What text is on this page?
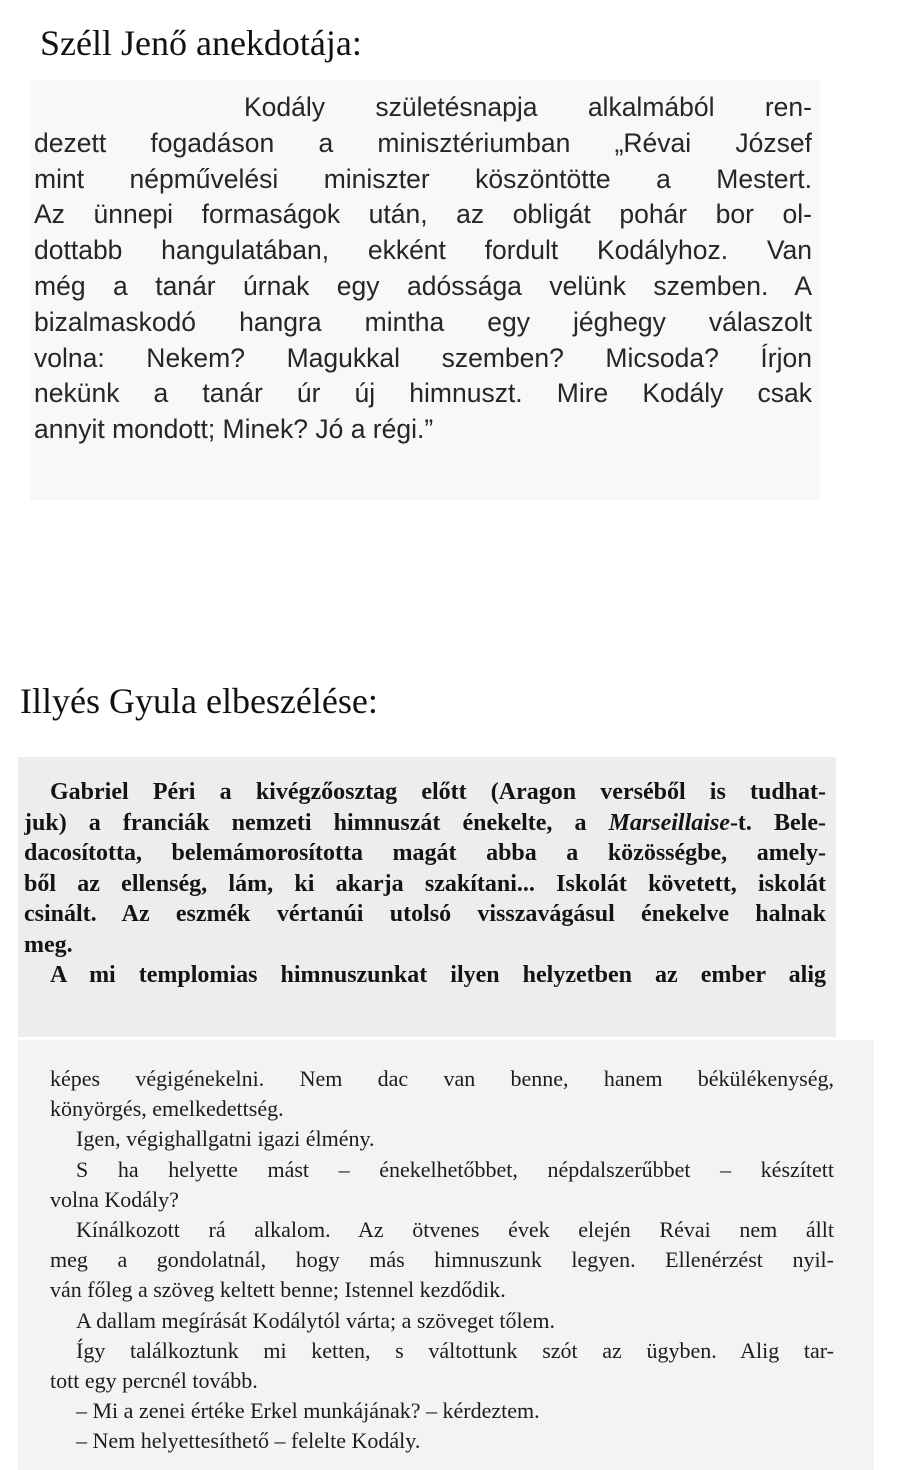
Széll Jenő anekdotája:
Kodály születésnapja alkalmából ren-
dezett fogadáson a minisztériumban „Révai József
mint népművelési miniszter köszöntötte a Mestert.
Az ünnepi formaságok után, az obligát pohár bor ol-
dottabb hangulatában, ekként fordult Kodályhoz. Van
még a tanár úrnak egy adóssága velünk szemben. A
bizalmaskodó hangra mintha egy jéghegy válaszolt
volna: Nekem? Magukkal szemben? Micsoda? Írjon
nekünk a tanár úr új himnuszt. Mire Kodály csak
annyit mondott; Minek? Jó a régi.”
Illyés Gyula elbeszélése:
Gabriel Péri a kivégzőosztag előtt (Aragon verséből is tudhat-
juk) a franciák nemzeti himnuszát énekelte, a Marseillaise-t. Bele-
dacosította, belemámorosította magát abba a közösségbe, amely-
ből az ellenség, lám, ki akarja szakítani... Iskolát követett, iskolát
csinált. Az eszmék vértanúi utolsó visszavágásul énekelve halnak
meg.
A mi templomias himnuszunkat ilyen helyzetben az ember alig
képes végigénekelni. Nem dac van benne, hanem békülékenység,
könyörgés, emelkedettség.
Igen, végighallgatni igazi élmény.
S ha helyette mást – énekelhetőbbet, népdalszerűbbet – készített
volna Kodály?
Kínálkozott rá alkalom. Az ötvenes évek elején Révai nem állt
meg a gondolatnál, hogy más himnuszunk legyen. Ellenérzést nyil-
ván főleg a szöveg keltett benne; Istennel kezdődik.
A dallam megírását Kodálytól várta; a szöveget tőlem.
Így találkoztunk mi ketten, s váltottunk szót az ügyben. Alig tar-
tott egy percnél tovább.
– Mi a zenei értéke Erkel munkájának? – kérdeztem.
– Nem helyettesíthető – felelte Kodály.
